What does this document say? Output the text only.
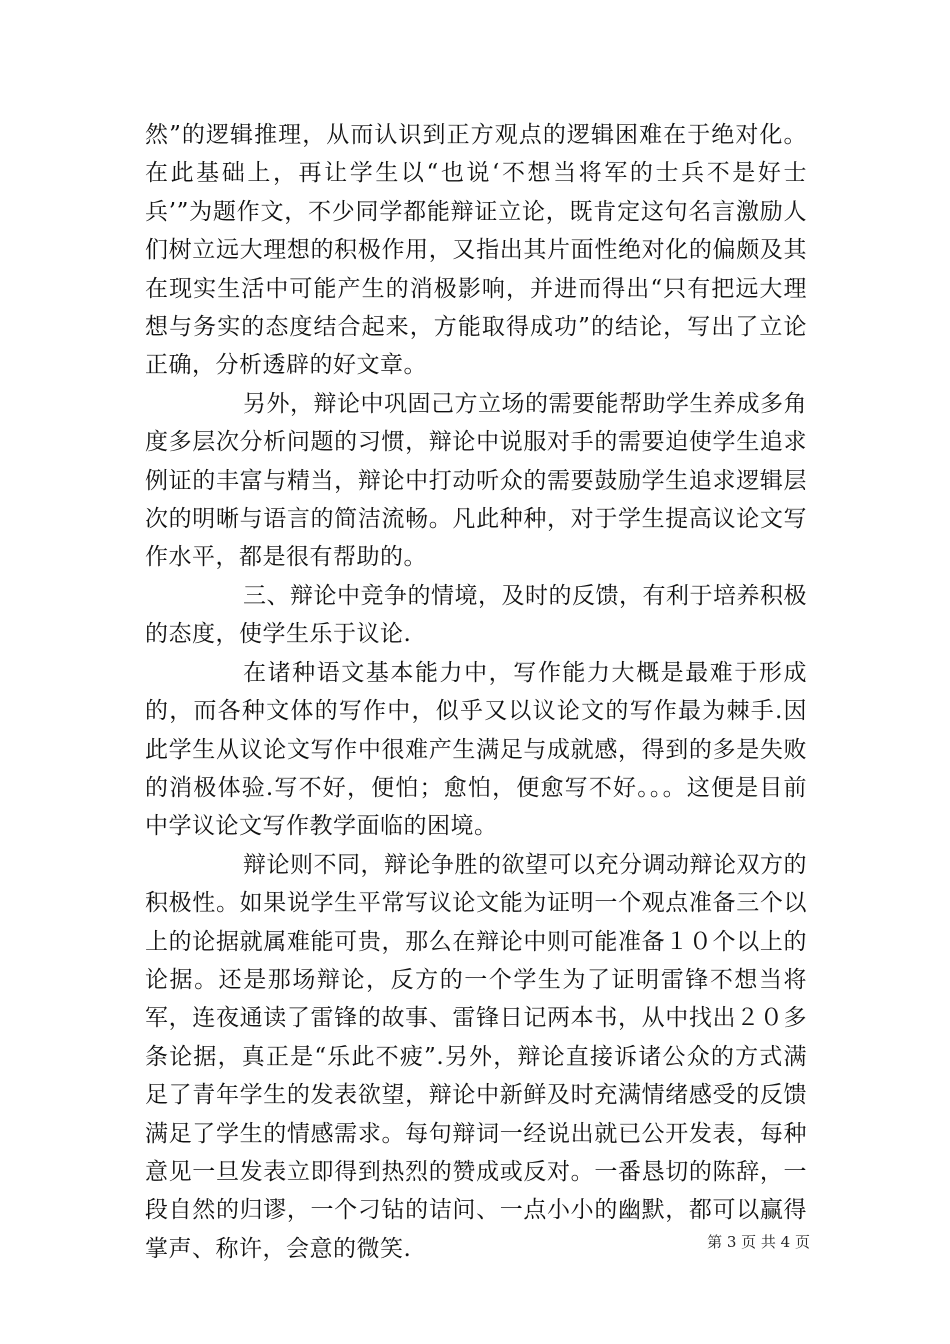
然”的逻辑推理，从而认识到正方观点的逻辑困难在于绝对化。在此基础上，再让学生以“也说‘不想当将军的士兵不是好士兵’”为题作文，不少同学都能辩证立论，既肯定这句名言激励人们树立远大理想的积极作用，又指出其片面性绝对化的偏颇及其在现实生活中可能产生的消极影响，并进而得出“只有把远大理想与务实的态度结合起来，方能取得成功”的结论，写出了立论正确，分析透辟的好文章。

另外，辩论中巩固己方立场的需要能帮助学生养成多角度多层次分析问题的习惯，辩论中说服对手的需要迫使学生追求例证的丰富与精当，辩论中打动听众的需要鼓励学生追求逻辑层次的明晰与语言的简洁流畅。凡此种种，对于学生提高议论文写作水平，都是很有帮助的。

三、辩论中竞争的情境，及时的反馈，有利于培养积极的态度，使学生乐于议论.

在诸种语文基本能力中，写作能力大概是最难于形成的，而各种文体的写作中，似乎又以议论文的写作最为棘手.因此学生从议论文写作中很难产生满足与成就感，得到的多是失败的消极体验.写不好，便怕；愈怕，便愈写不好。。。这便是目前中学议论文写作教学面临的困境。

辩论则不同，辩论争胜的欲望可以充分调动辩论双方的积极性。如果说学生平常写议论文能为证明一个观点准备三个以上的论据就属难能可贵，那么在辩论中则可能准备１０个以上的论据。还是那场辩论，反方的一个学生为了证明雷锋不想当将军，连夜通读了雷锋的故事、雷锋日记两本书，从中找出２０多条论据，真正是“乐此不疲”.另外，辩论直接诉诸公众的方式满足了青年学生的发表欲望，辩论中新鲜及时充满情绪感受的反馈满足了学生的情感需求。每句辩词一经说出就已公开发表，每种意见一旦发表立即得到热烈的赞成或反对。一番恳切的陈辞，一段自然的归谬，一个刁钻的诘问、一点小小的幽默，都可以赢得掌声、称许，会意的微笑.	第 3 页 共 4 页
